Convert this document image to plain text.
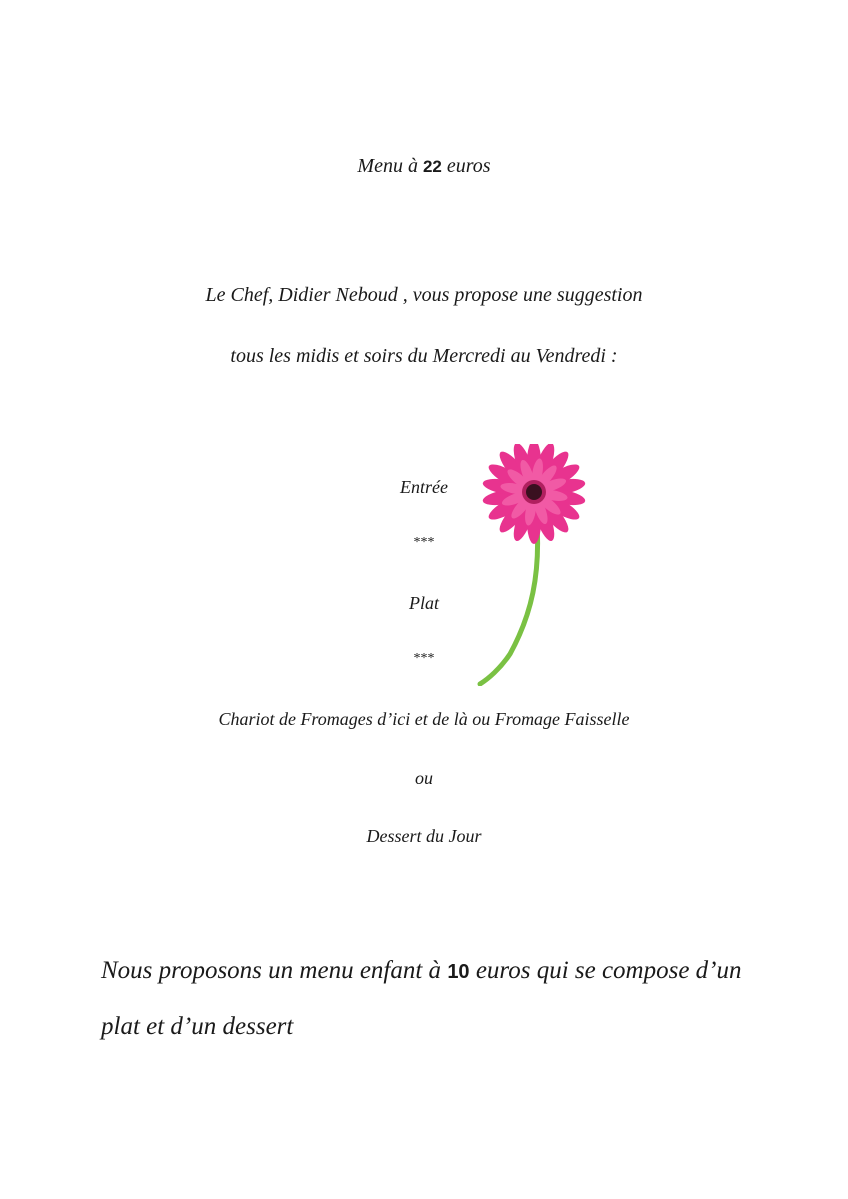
Menu à 22 euros
Le Chef, Didier Neboud , vous propose une suggestion
tous les midis et soirs du Mercredi au Vendredi :
Entrée
***
Plat
***
Chariot de Fromages d’ici et de là ou Fromage Faisselle
ou
Dessert du Jour
Nous proposons un menu enfant à 10 euros qui se compose d’un
plat et d’un dessert
